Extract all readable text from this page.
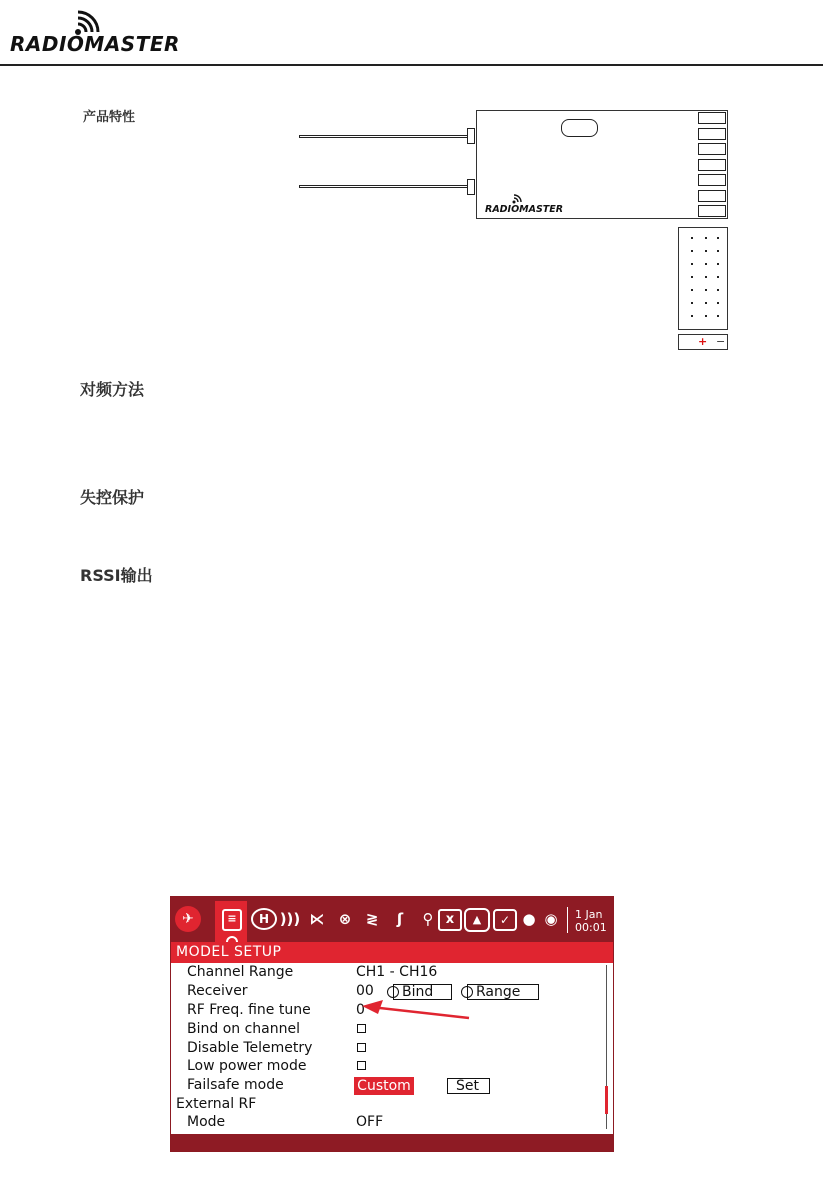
RADIOMASTER
产品特性
对频方法
失控保护
RSSI输出
RADIOMASTER
+ −
✈	≡	H ))) ⋉ ⊗ ≷	ʃ	⚲ x	▲	✓ ● ◉	1 Jan
00:01
MODEL SETUP
Channel Range	CH1 - CH16
Receiver	00	Bind	Range
RF Freq. fine tune	0
Bind on channel
Disable Telemetry
Low power mode
Failsafe mode	Custom	Set
External RF
Mode	OFF
